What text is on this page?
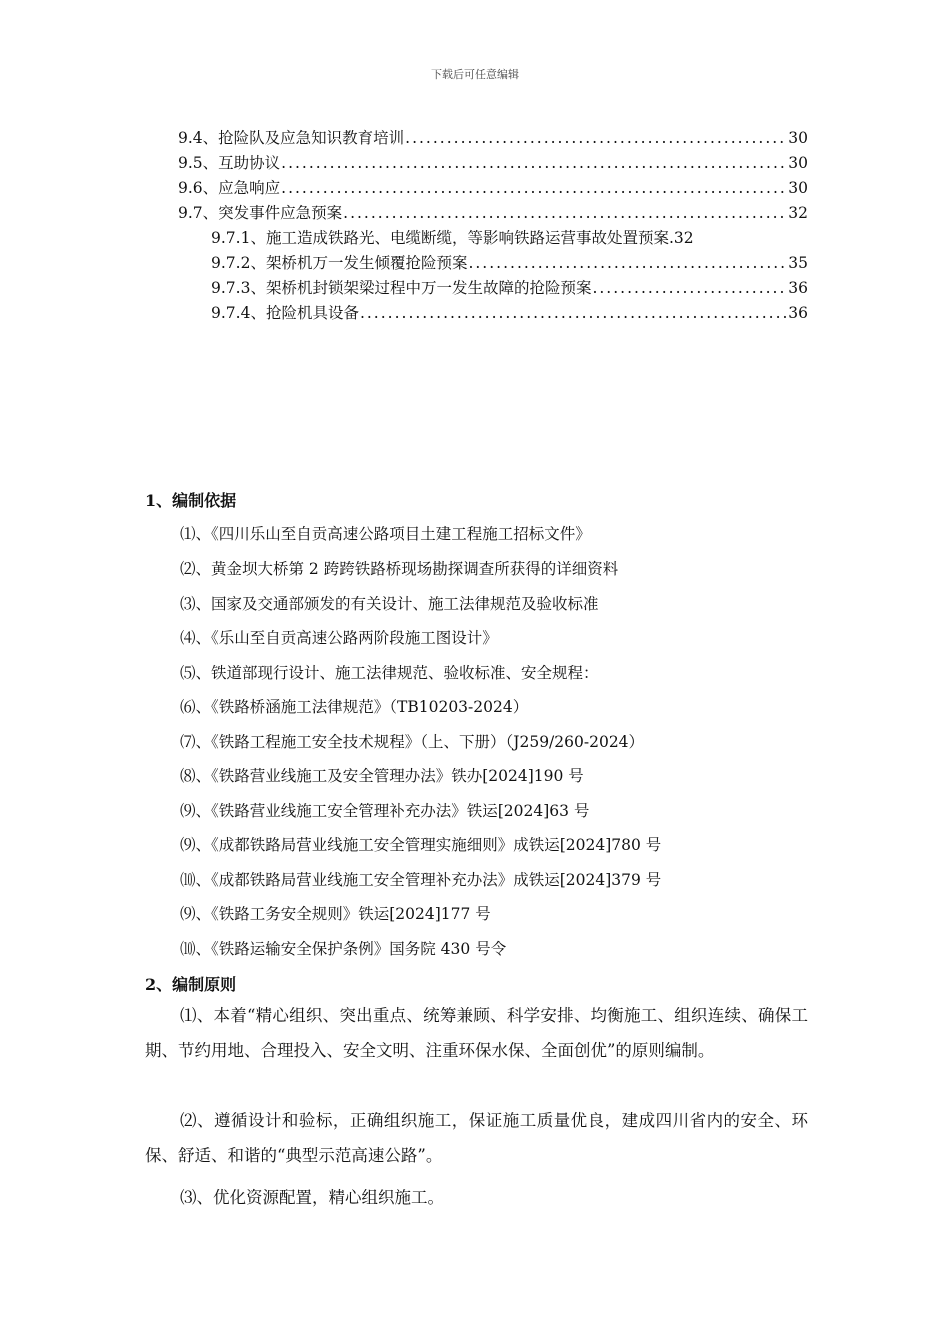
下载后可任意编辑
9.4、抢险队及应急知识教育培训 .....	30
9.5、互助协议 .....	30
9.6、应急响应 .....	30
9.7、突发事件应急预案 .....	32
9.7.1、施工造成铁路光、电缆断缆，等影响铁路运营事故处置预案. 32
9.7.2、架桥机万一发生倾覆抢险预案 .....	35
9.7.3、架桥机封锁架梁过程中万一发生故障的抢险预案 .....	36
9.7.4、抢险机具设备 .....	36
1、编制依据
⑴、《四川乐山至自贡高速公路项目土建工程施工招标文件》
⑵、黄金坝大桥第 2 跨跨铁路桥现场勘探调查所获得的详细资料
⑶、国家及交通部颁发的有关设计、施工法律规范及验收标准
⑷、《乐山至自贡高速公路两阶段施工图设计》
⑸、铁道部现行设计、施工法律规范、验收标准、安全规程：
⑹、《铁路桥涵施工法律规范》（TB10203-2024）
⑺、《铁路工程施工安全技术规程》（上、下册）（J259/260-2024）
⑻、《铁路营业线施工及安全管理办法》铁办[2024]190 号
⑼、《铁路营业线施工安全管理补充办法》铁运[2024]63 号
⑼、《成都铁路局营业线施工安全管理实施细则》成铁运[2024]780 号
⑽、《成都铁路局营业线施工安全管理补充办法》成铁运[2024]379 号
⑼、《铁路工务安全规则》铁运[2024]177 号
⑽、《铁路运输安全保护条例》国务院 430 号令
2、编制原则
⑴、本着“精心组织、突出重点、统筹兼顾、科学安排、均衡施工、组织连续、确保工期、节约用地、合理投入、安全文明、注重环保水保、全面创优”的原则编制。
⑵、遵循设计和验标，正确组织施工，保证施工质量优良，建成四川省内的安全、环保、舒适、和谐的“典型示范高速公路”。
⑶、优化资源配置，精心组织施工。
